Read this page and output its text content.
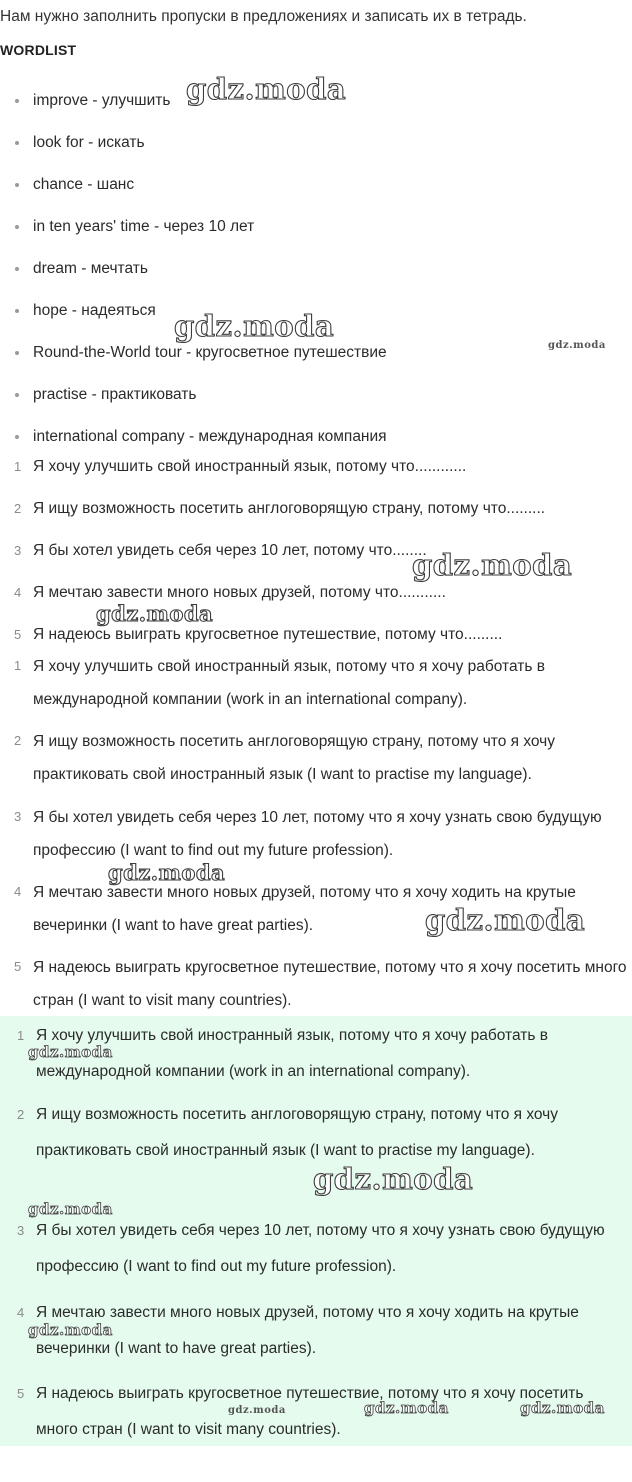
Нам нужно заполнить пропуски в предложениях и записать их в тетрадь.
WORDLIST
improve - улучшить
look for - искать
chance - шанс
in ten years' time - через 10 лет
dream - мечтать
hope - надеяться
Round-the-World tour - кругосветное путешествие
practise - практиковать
international company - международная компания
1 Я хочу улучшить свой иностранный язык, потому что............
2 Я ищу возможность посетить англоговорящую страну, потому что.........
3 Я бы хотел увидеть себя через 10 лет, потому что........
4 Я мечтаю завести много новых друзей, потому что...........
5 Я надеюсь выиграть кругосветное путешествие, потому что.........
1 Я хочу улучшить свой иностранный язык, потому что я хочу работать в международной компании (work in an international company).
2 Я ищу возможность посетить англоговорящую страну, потому что я хочу практиковать свой иностранный язык (I want to practise my language).
3 Я бы хотел увидеть себя через 10 лет, потому что я хочу узнать свою будущую профессию (I want to find out my future profession).
4 Я мечтаю завести много новых друзей, потому что я хочу ходить на крутые вечеринки (I want to have great parties).
5 Я надеюсь выиграть кругосветное путешествие, потому что я хочу посетить много стран (I want to visit many countries).
1 Я хочу улучшить свой иностранный язык, потому что я хочу работать в международной компании (work in an international company).
2 Я ищу возможность посетить англоговорящую страну, потому что я хочу практиковать свой иностранный язык (I want to practise my language).
3 Я бы хотел увидеть себя через 10 лет, потому что я хочу узнать свою будущую профессию (I want to find out my future profession).
4 Я мечтаю завести много новых друзей, потому что я хочу ходить на крутые вечеринки (I want to have great parties).
5 Я надеюсь выиграть кругосветное путешествие, потому что я хочу посетить много стран (I want to visit many countries).
gdz.moda
gdz.moda
gdz.moda
gdz.moda
gdz.moda
gdz.moda
gdz.moda
gdz.moda
gdz.moda
gdz.moda
gdz.moda
gdz.moda	gdz.moda	gdz.moda
